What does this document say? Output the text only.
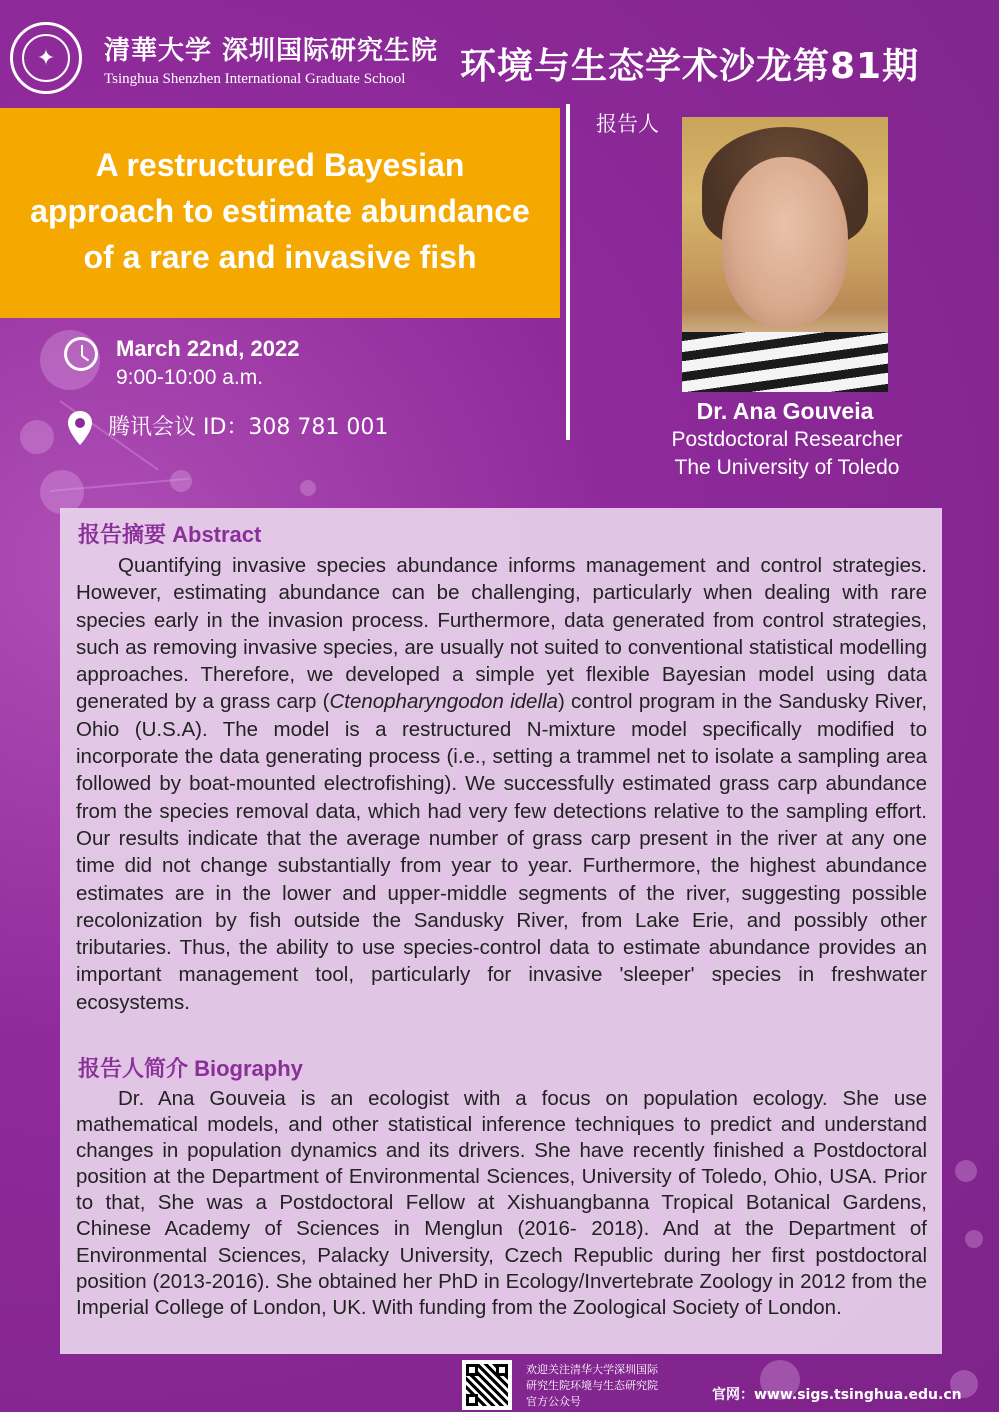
✦	清華大学 深圳国际研究生院
Tsinghua Shenzhen International Graduate School 环境与生态学术沙龙第81期
A restructured Bayesian
approach to estimate abundance
of a rare and invasive fish
March 22nd, 2022
9:00-10:00 a.m.
腾讯会议 ID：308 781 001
报告人
Dr. Ana Gouveia
Postdoctoral Researcher
The University of Toledo
报告摘要 Abstract
Quantifying invasive species abundance informs management and control strategies. However, estimating abundance can be challenging, particularly when dealing with rare species early in the invasion process. Furthermore, data generated from control strategies, such as removing invasive species, are usually not suited to conventional statistical modelling approaches. Therefore, we developed a simple yet flexible Bayesian model using data generated by a grass carp (Ctenopharyngodon idella) control program in the Sandusky River, Ohio (U.S.A). The model is a restructured N-mixture model specifically modified to incorporate the data generating process (i.e., setting a trammel net to isolate a sampling area followed by boat-mounted electrofishing). We successfully estimated grass carp abundance from the species removal data, which had very few detections relative to the sampling effort. Our results indicate that the average number of grass carp present in the river at any one time did not change substantially from year to year. Furthermore, the highest abundance estimates are in the lower and upper-middle segments of the river, suggesting possible recolonization by fish outside the Sandusky River, from Lake Erie, and possibly other tributaries. Thus, the ability to use species-control data to estimate abundance provides an important management tool, particularly for invasive 'sleeper' species in freshwater ecosystems.
报告人简介 Biography
Dr. Ana Gouveia is an ecologist with a focus on population ecology. She use mathematical models, and other statistical inference techniques to predict and understand changes in population dynamics and its drivers. She have recently finished a Postdoctoral position at the Department of Environmental Sciences, University of Toledo, Ohio, USA. Prior to that, She was a Postdoctoral Fellow at Xishuangbanna Tropical Botanical Gardens, Chinese Academy of Sciences in Menglun (2016- 2018). And at the Department of Environmental Sciences, Palacky University, Czech Republic during her first postdoctoral position (2013-2016). She obtained her PhD in Ecology/Invertebrate Zoology in 2012 from the Imperial College of London, UK. With funding from the Zoological Society of London.
欢迎关注清华大学深圳国际研究生院环境与生态研究院官方公众号	官网：www.sigs.tsinghua.edu.cn
